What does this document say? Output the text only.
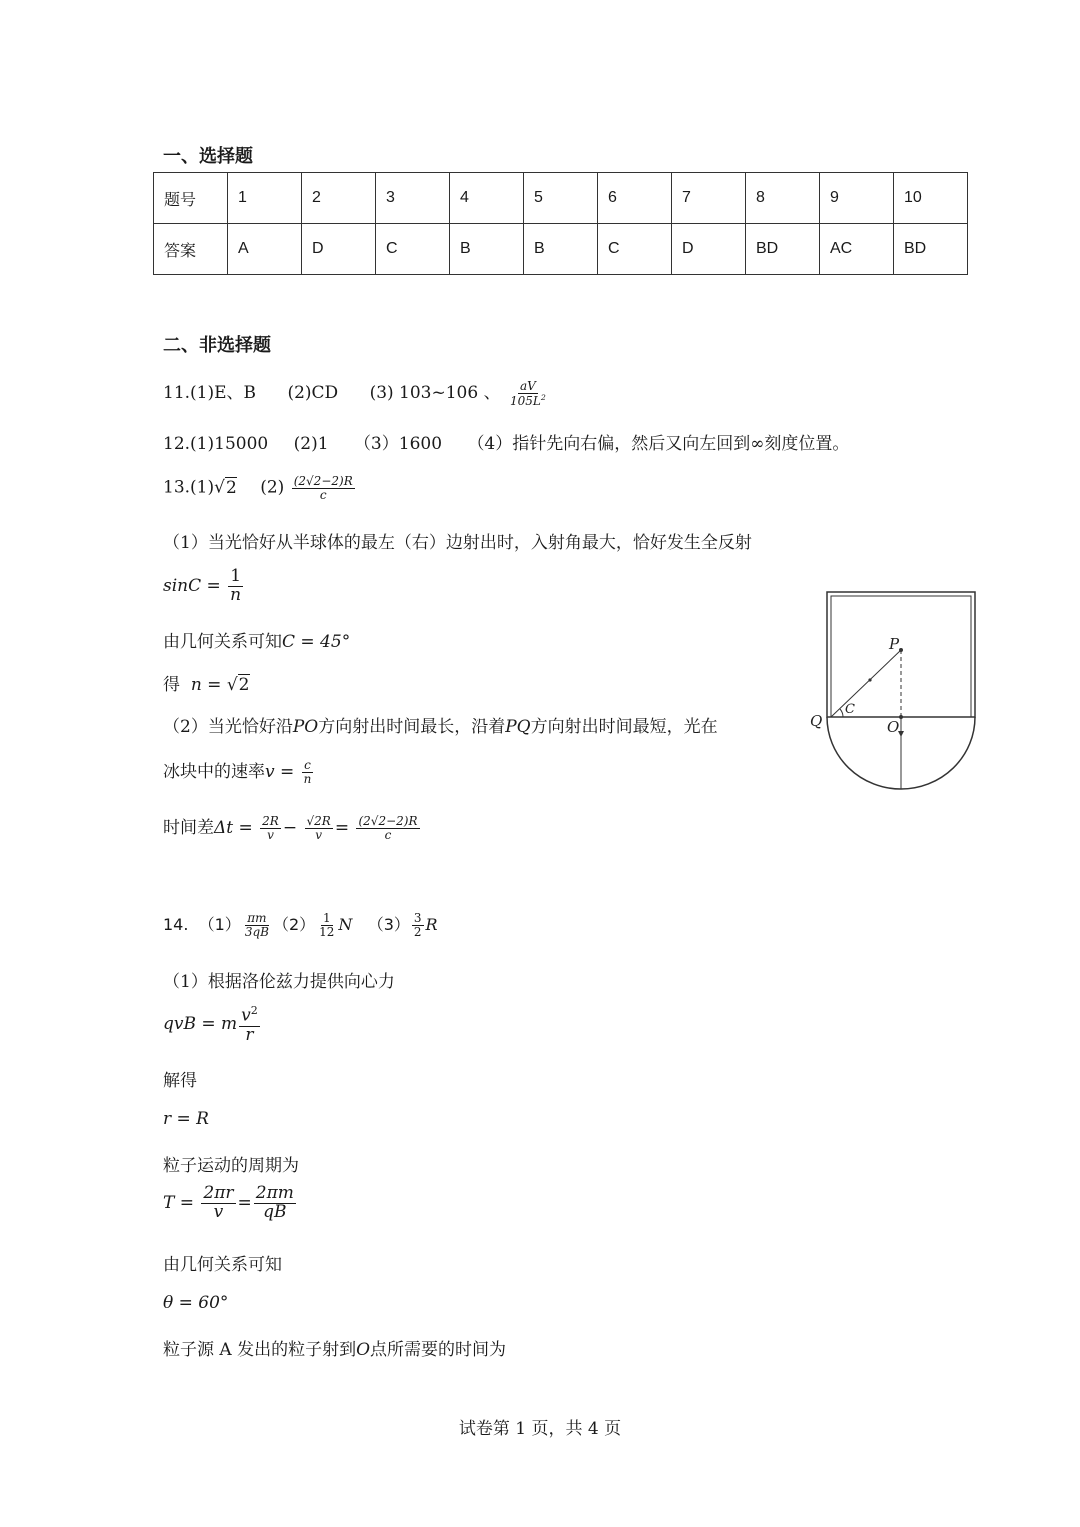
一、选择题
题号	1	2	3	4	5	6	7	8	9	10
答案	A	D	C	B	B	C	D	BD	AC	BD
二、非选择题
11.(1)E、B (2)CD (3) 103~106 、 $\frac{aV}{105L^2}$
12.(1)15000 (2)1 （3）1600 （4）指针先向右偏，然后又向左回到∞刻度位置。
13.(1)√2 $(2) \frac{(2√2-2)R}{c}$
（1）当光恰好从半球体的最左（右）边射出时，入射角最大，恰好发生全反射
$\sin C = \frac{1}{n}$
由几何关系可知C = 45°
得 n = √2
（2）当光恰好沿PO方向射出时间最长，沿着PQ方向射出时间最短，光在
冰块中的速率$v = \frac{c}{n}$
时间差$\Delta t = \frac{2R}{v} - \frac{√2R}{v} = \frac{(2√2-2)R}{c}$
P
C
Q	O
14. $(1) \frac{\pi m}{3qB} (2) \frac{1}{12}$ N $(3) \frac{3}{2}$ R
（1）根据洛伦兹力提供向心力
qvB = m $\frac{v^2}{r}$
解得
r = R
粒子运动的周期为
$T = \frac{2\pi r}{v} = \frac{2\pi m}{qB}$
由几何关系可知
θ = 60°
粒子源 A 发出的粒子射到O点所需要的时间为
试卷第 1 页，共 4 页
